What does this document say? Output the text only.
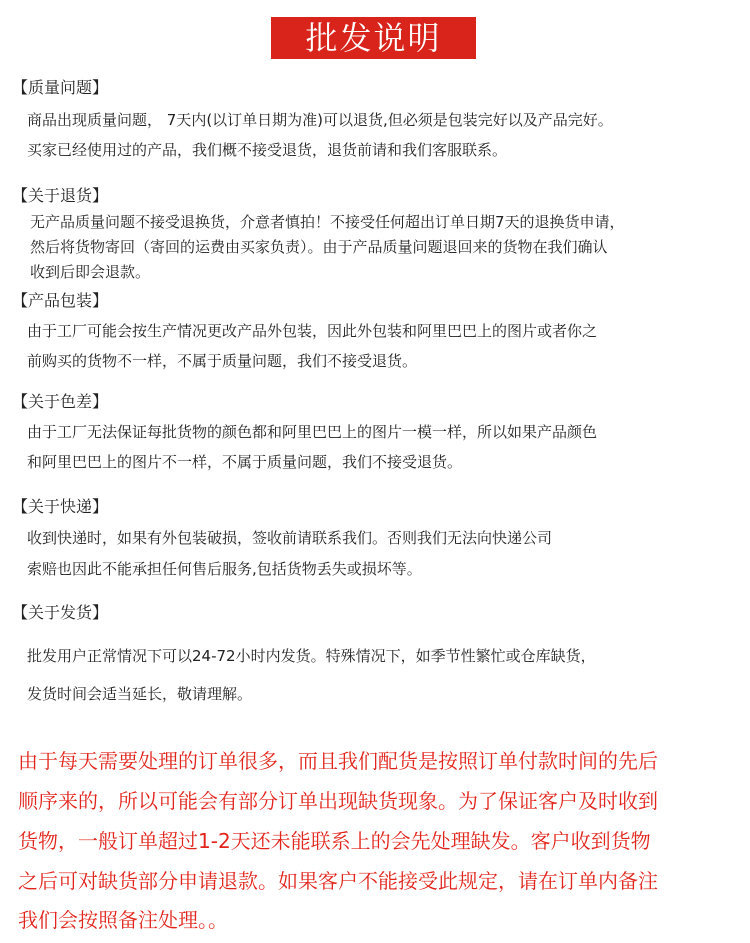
批发说明
【质量问题】
商品出现质量问题， 7天内(以订单日期为准)可以退货,但必须是包装完好以及产品完好。
买家已经使用过的产品，我们概不接受退货，退货前请和我们客服联系。
【关于退货】
无产品质量问题不接受退换货，介意者慎拍！不接受任何超出订单日期7天的退换货申请，
然后将货物寄回（寄回的运费由买家负责）。由于产品质量问题退回来的货物在我们确认
收到后即会退款。
【产品包装】
由于工厂可能会按生产情况更改产品外包装，因此外包装和阿里巴巴上的图片或者你之
前购买的货物不一样，不属于质量问题，我们不接受退货。
【关于色差】
由于工厂无法保证每批货物的颜色都和阿里巴巴上的图片一模一样，所以如果产品颜色
和阿里巴巴上的图片不一样，不属于质量问题，我们不接受退货。
【关于快递】
收到快递时，如果有外包装破损，签收前请联系我们。否则我们无法向快递公司
索赔也因此不能承担任何售后服务,包括货物丢失或损坏等。
【关于发货】
批发用户正常情况下可以24-72小时内发货。特殊情况下，如季节性繁忙或仓库缺货，
发货时间会适当延长，敬请理解。
由于每天需要处理的订单很多，而且我们配货是按照订单付款时间的先后
顺序来的，所以可能会有部分订单出现缺货现象。为了保证客户及时收到
货物，一般订单超过1-2天还未能联系上的会先处理缺发。客户收到货物
之后可对缺货部分申请退款。如果客户不能接受此规定，请在订单内备注
我们会按照备注处理。。
